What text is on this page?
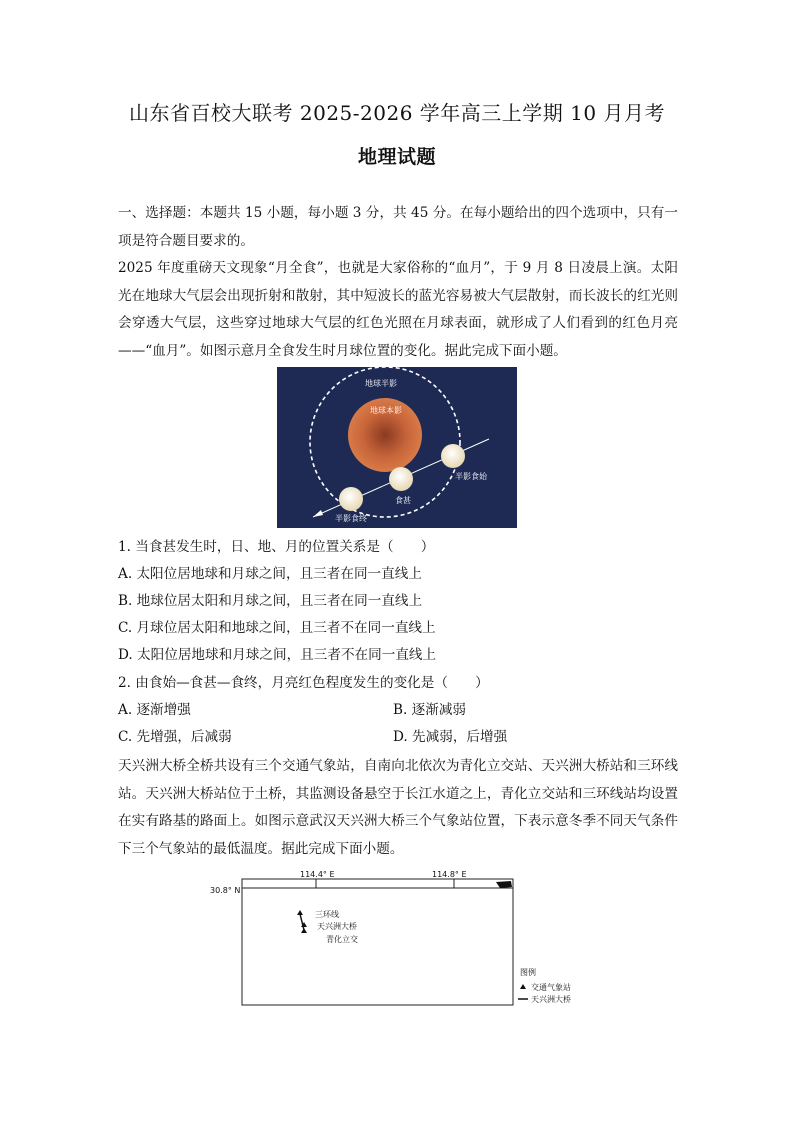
山东省百校大联考 2025-2026 学年高三上学期 10 月月考
地理试题

一、选择题：本题共 15 小题，每小题 3 分，共 45 分。在每小题给出的四个选项中，只有一项是符合题目要求的。

2025 年度重磅天文现象“月全食”，也就是大家俗称的“血月”，于 9 月 8 日凌晨上演。太阳光在地球大气层会出现折射和散射，其中短波长的蓝光容易被大气层散射，而长波长的红光则会穿透大气层，这些穿过地球大气层的红色光照在月球表面，就形成了人们看到的红色月亮——“血月”。如图示意月全食发生时月球位置的变化。据此完成下面小题。

地球半影
地球本影
半影食始
食甚
半影食终
1. 当食甚发生时，日、地、月的位置关系是（　　）
A. 太阳位居地球和月球之间，且三者在同一直线上
B. 地球位居太阳和月球之间，且三者在同一直线上
C. 月球位居太阳和地球之间，且三者不在同一直线上
D. 太阳位居地球和月球之间，且三者不在同一直线上
2. 由食始—食甚—食终，月亮红色程度发生的变化是（　　）
A. 逐渐增强	B. 逐渐减弱
C. 先增强，后减弱	D. 先减弱，后增强

天兴洲大桥全桥共设有三个交通气象站，自南向北依次为青化立交站、天兴洲大桥站和三环线站。天兴洲大桥站位于土桥，其监测设备悬空于长江水道之上，青化立交站和三环线站均设置在实有路基的路面上。如图示意武汉天兴洲大桥三个气象站位置，下表示意冬季不同天气条件下三个气象站的最低温度。据此完成下面小题。

30.8° N
114.4° E	114.8° E
三环线
天兴洲大桥
青化立交
图例
交通气象站
天兴洲大桥
